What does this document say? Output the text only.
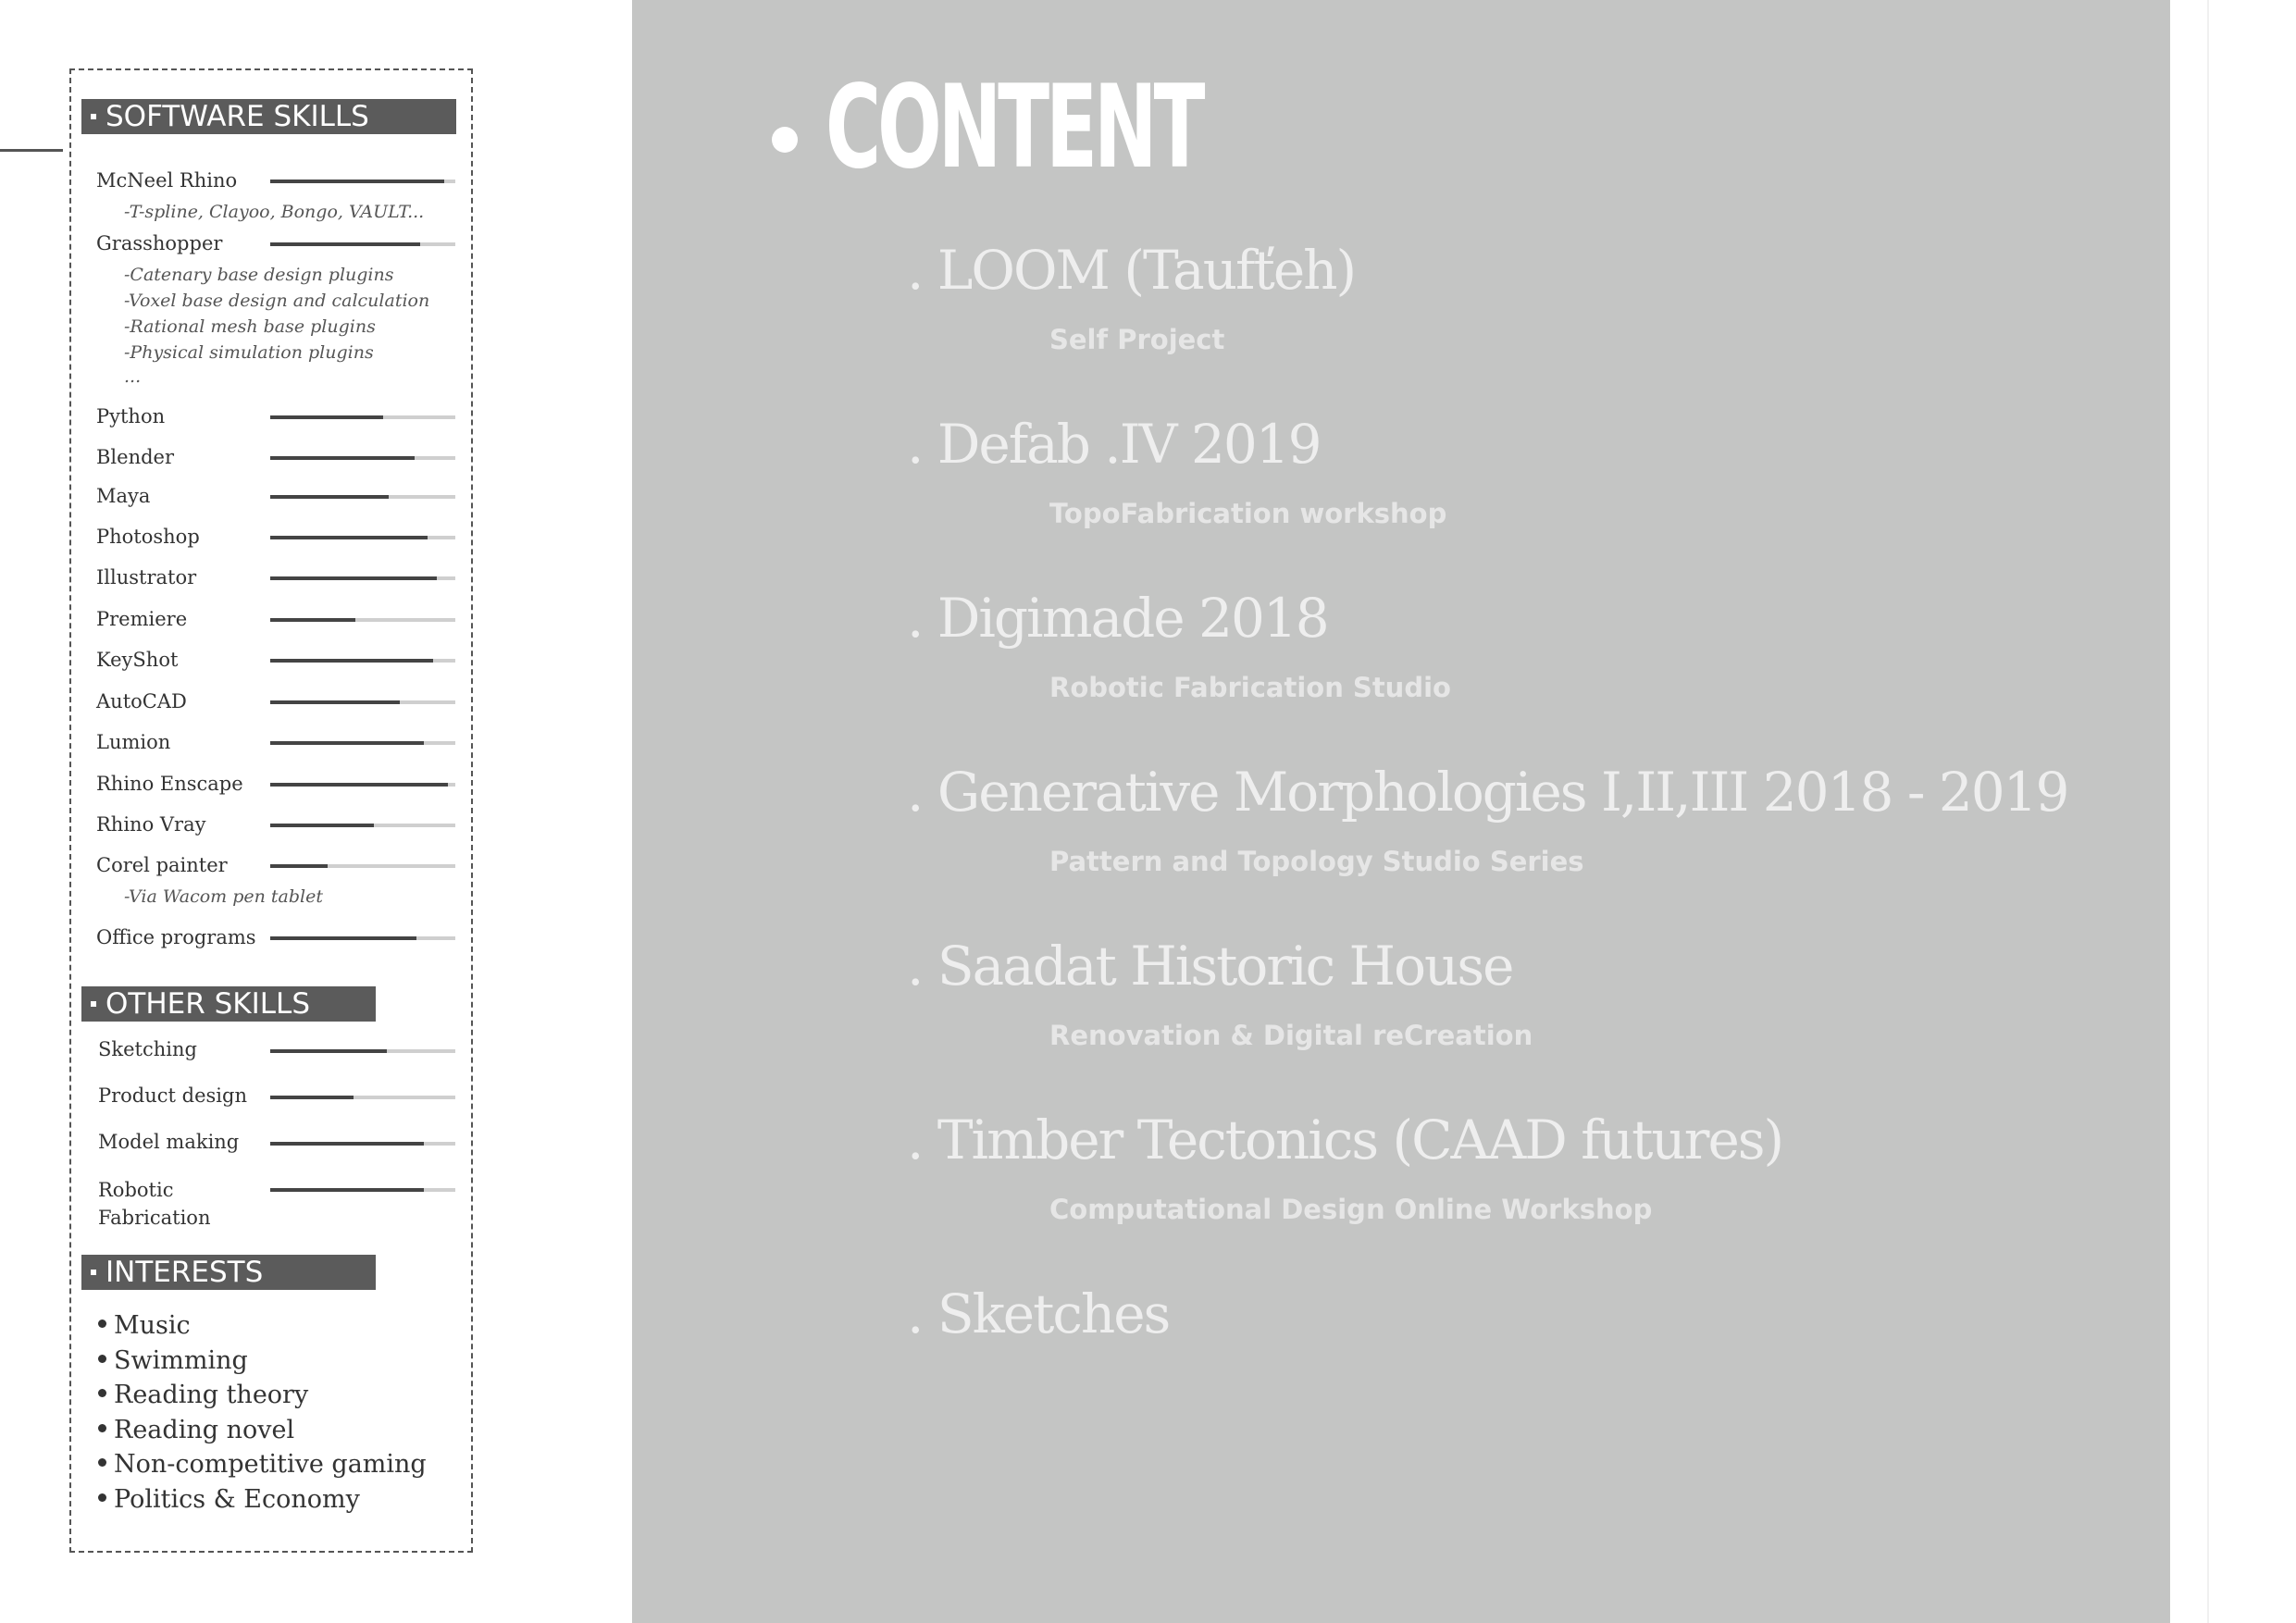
SOFTWARE SKILLS
McNeel Rhino
-T-spline, Clayoo, Bongo, VAULT...
Grasshopper
-Catenary base design plugins
-Voxel base design and calculation
-Rational mesh base plugins
-Physical simulation plugins
...
Python
Blender
Maya
Photoshop
Illustrator
Premiere
KeyShot
AutoCAD
Lumion
Rhino Enscape
Rhino Vray
Corel painter
-Via Wacom pen tablet
Office programs
OTHER SKILLS
Sketching
Product design
Model making
Robotic Fabrication
INTERESTS
Music
Swimming
Reading theory
Reading novel
Non-competitive gaming
Politics & Economy
CONTENT
. LOOM (Taufťeh)
Self Project
. Defab .IV 2019
TopoFabrication workshop
. Digimade 2018
Robotic Fabrication Studio
. Generative Morphologies I,II,III 2018 - 2019
Pattern and Topology Studio Series
. Saadat Historic House
Renovation & Digital reCreation
. Timber Tectonics (CAAD futures)
Computational Design Online Workshop
. Sketches
